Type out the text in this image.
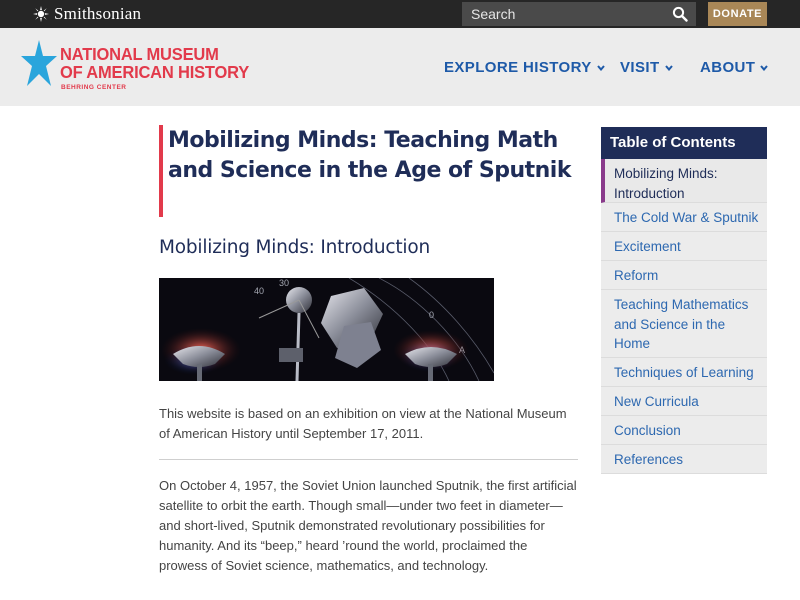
Smithsonian
Search	DONATE
NATIONAL MUSEUM
OF AMERICAN HISTORY
BEHRING CENTER
EXPLORE HISTORY VISIT	ABOUT
Mobilizing Minds: Teaching Math and Science in the Age of Sputnik
Mobilizing Minds: Introduction
40
30
0
This website is based on an exhibition on view at the National Museum of American History until September 17, 2011.
On October 4, 1957, the Soviet Union launched Sputnik, the first artificial satellite to orbit the earth. Though small—under two feet in diameter—and short-lived, Sputnik demonstrated revolutionary possibilities for humanity. And its “beep,” heard ’round the world, proclaimed the prowess of Soviet science, mathematics, and technology.
Table of Contents
Mobilizing Minds: Introduction
The Cold War & Sputnik
Excitement
Reform
Teaching Mathematics and Science in the Home
Techniques of Learning
New Curricula
Conclusion
References
